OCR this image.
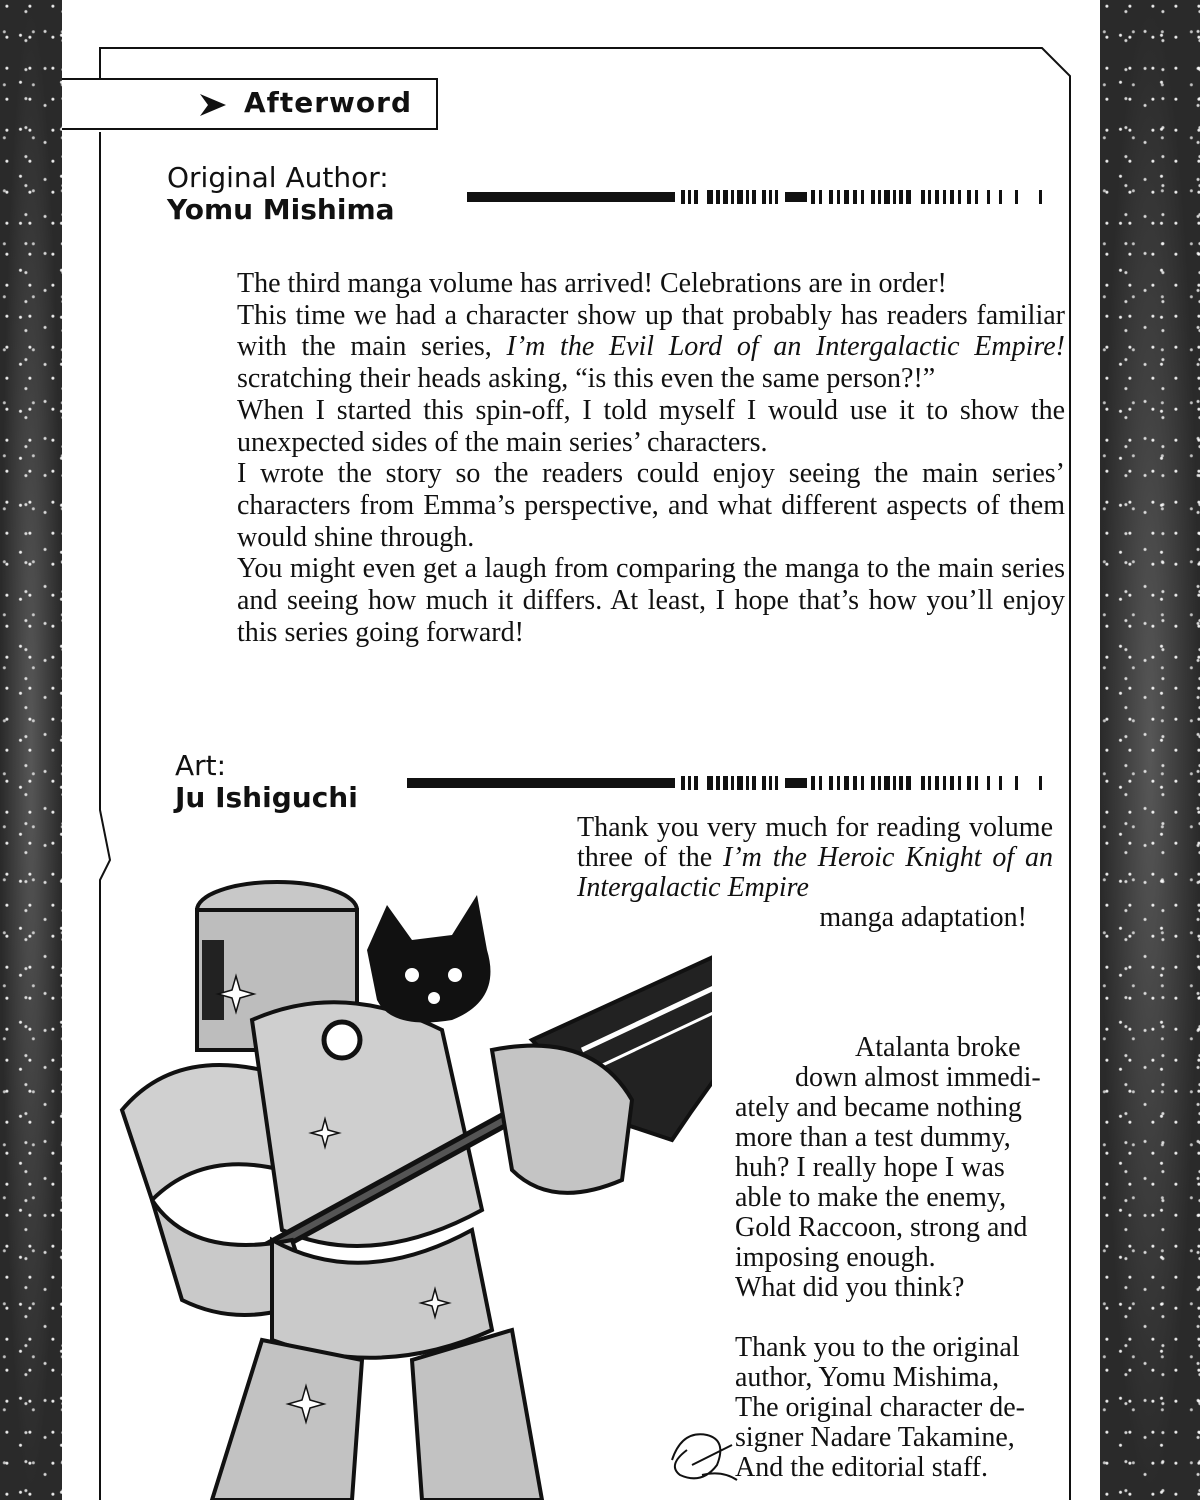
Afterword
Original Author:
Yomu Mishima

The third manga volume has arrived! Celebrations are in order!

This time we had a character show up that probably has readers familiar with the main series, I’m the Evil Lord of an Intergalactic Empire! scratching their heads asking, “is this even the same person?!”

When I started this spin-off, I told myself I would use it to show the unexpected sides of the main series’ characters.

I wrote the story so the readers could enjoy seeing the main series’ characters from Emma’s perspective, and what different aspects of them would shine through.

You might even get a laugh from comparing the manga to the main series and seeing how much it differs. At least, I hope that’s how you’ll enjoy this series going forward!

Art:
Ju Ishiguchi

Thank you very much for reading volume three of the I’m the Heroic Knight of an Intergalactic Empire

manga adaptation!

Atalanta broke

down almost immedi-

ately and became nothing

more than a test dummy,

huh? I really hope I was

able to make the enemy,

Gold Raccoon, strong and

imposing enough.

What did you think?

Thank you to the original

author, Yomu Mishima,

The original character de-

signer Nadare Takamine,

And the editorial staff.
